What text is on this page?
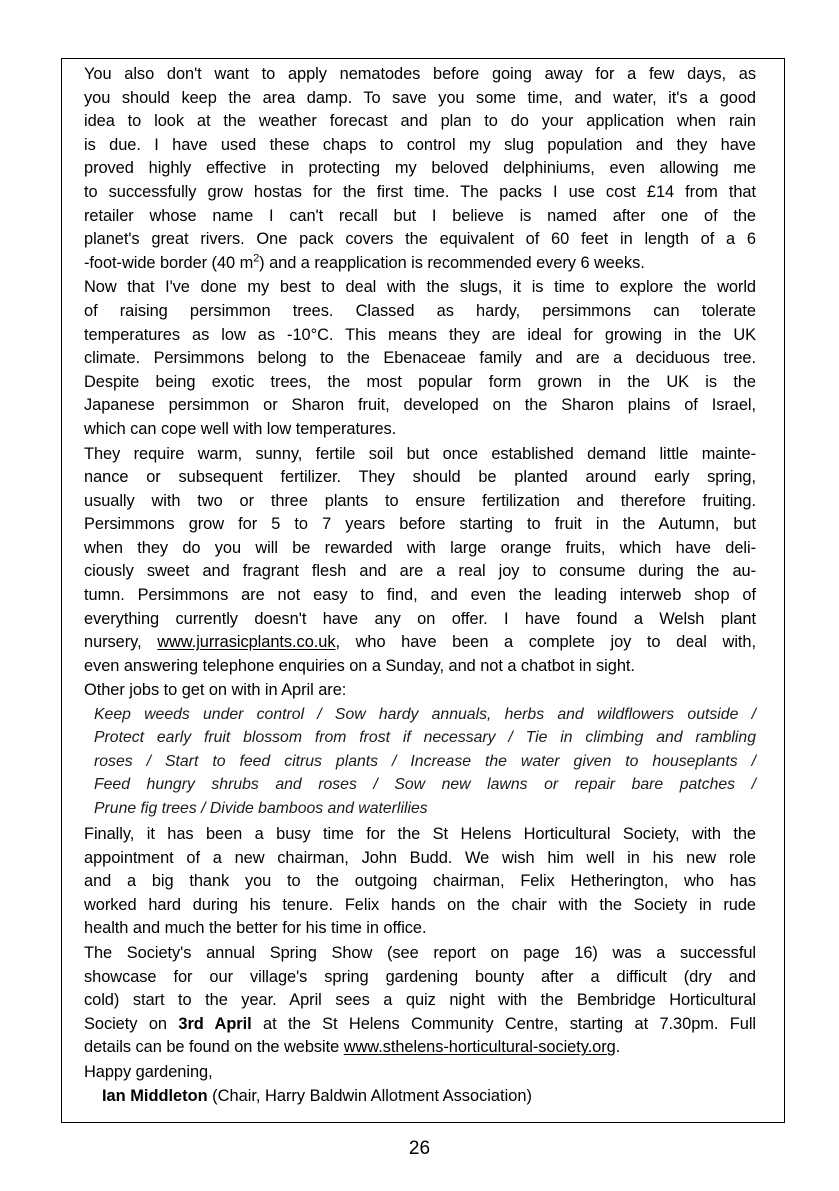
You also don't want to apply nematodes before going away for a few days, as
you should keep the area damp. To save you some time, and water, it's a good
idea to look at the weather forecast and plan to do your application when rain
is due. I have used these chaps to control my slug population and they have
proved highly effective in protecting my beloved delphiniums, even allowing me
to successfully grow hostas for the first time. The packs I use cost £14 from that
retailer whose name I can't recall but I believe is named after one of the
planet's great rivers. One pack covers the equivalent of 60 feet in length of a 6
-foot-wide border (40 $m^2$) and a reapplication is recommended every 6 weeks.

Now that I've done my best to deal with the slugs, it is time to explore the world
of raising persimmon trees. Classed as hardy, persimmons can tolerate
temperatures as low as -10°C. This means they are ideal for growing in the UK
climate. Persimmons belong to the Ebenaceae family and are a deciduous tree.
Despite being exotic trees, the most popular form grown in the UK is the
Japanese persimmon or Sharon fruit, developed on the Sharon plains of Israel,
which can cope well with low temperatures.

They require warm, sunny, fertile soil but once established demand little mainte-
nance or subsequent fertilizer. They should be planted around early spring,
usually with two or three plants to ensure fertilization and therefore fruiting.
Persimmons grow for 5 to 7 years before starting to fruit in the Autumn, but
when they do you will be rewarded with large orange fruits, which have deli-
ciously sweet and fragrant flesh and are a real joy to consume during the au-
tumn. Persimmons are not easy to find, and even the leading interweb shop of
everything currently doesn't have any on offer. I have found a Welsh plant
nursery, www.jurrasicplants.co.uk, who have been a complete joy to deal with,
even answering telephone enquiries on a Sunday, and not a chatbot in sight.

Other jobs to get on with in April are:

Keep weeds under control / Sow hardy annuals, herbs and wildflowers outside /
Protect early fruit blossom from frost if necessary / Tie in climbing and rambling
roses / Start to feed citrus plants / Increase the water given to houseplants /
Feed hungry shrubs and roses / Sow new lawns or repair bare patches /
Prune fig trees / Divide bamboos and waterlilies

Finally, it has been a busy time for the St Helens Horticultural Society, with the
appointment of a new chairman, John Budd. We wish him well in his new role
and a big thank you to the outgoing chairman, Felix Hetherington, who has
worked hard during his tenure. Felix hands on the chair with the Society in rude
health and much the better for his time in office.

The Society's annual Spring Show (see report on page 16) was a successful
showcase for our village's spring gardening bounty after a difficult (dry and
cold) start to the year. April sees a quiz night with the Bembridge Horticultural
Society on 3rd April at the St Helens Community Centre, starting at 7.30pm. Full
details can be found on the website www.sthelens-horticultural-society.org.

Happy gardening,

Ian Middleton (Chair, Harry Baldwin Allotment Association)

26
